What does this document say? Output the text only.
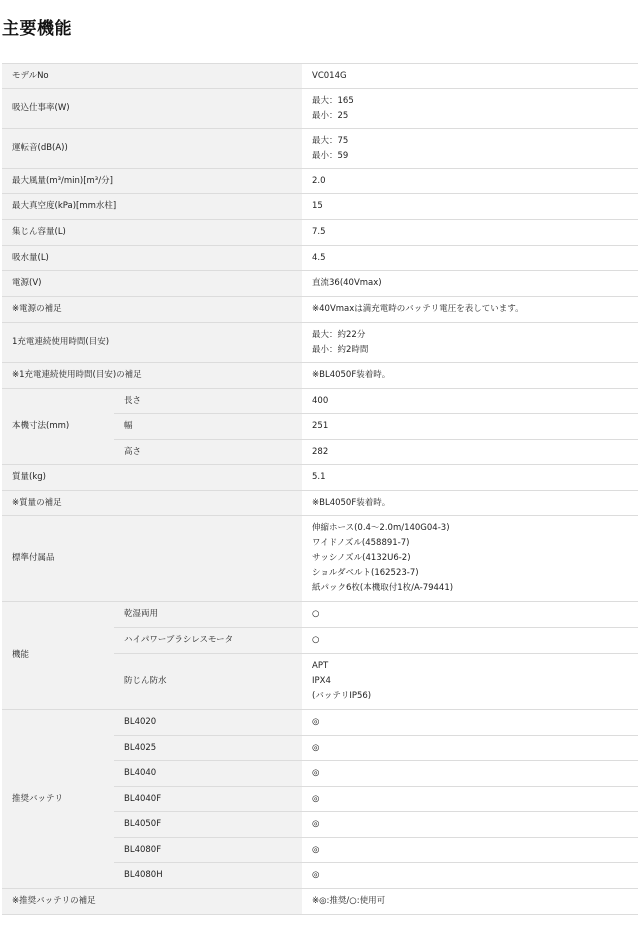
主要機能
モデルNo		VC014G
吸込仕事率(W)		最大：165
最小：25

運転音(dB(A))		最大：75
最小：59

最大風量(m³/min)[m³/分]		2.0
最大真空度(kPa)[mm水柱]		15
集じん容量(L)		7.5
吸水量(L)		4.5
電源(V)		直流36(40Vmax)
※電源の補足		※40Vmaxは満充電時のバッテリ電圧を表しています。
1充電連続使用時間(目安)		最大：約22分
最小：約2時間

※1充電連続使用時間(目安)の補足		※BL4050F装着時。
本機寸法(mm)	長さ	400
	幅	251
	高さ	282
質量(kg)		5.1
※質量の補足		※BL4050F装着時。
標準付属品		伸縮ホース(0.4〜2.0m/140G04-3)
ワイドノズル(458891-7)
サッシノズル(4132U6-2)
ショルダベルト(162523-7)
紙パック6枚(本機取付1枚/A-79441)

機能	乾湿両用	○
	ハイパワーブラシレスモータ	○
	防じん防水	APT
IPX4
(バッテリIP56)

推奨バッテリ	BL4020	◎
	BL4025	◎
	BL4040	◎
	BL4040F	◎
	BL4050F	◎
	BL4080F	◎
	BL4080H	◎
※推奨バッテリの補足		※◎:推奨/○:使用可
